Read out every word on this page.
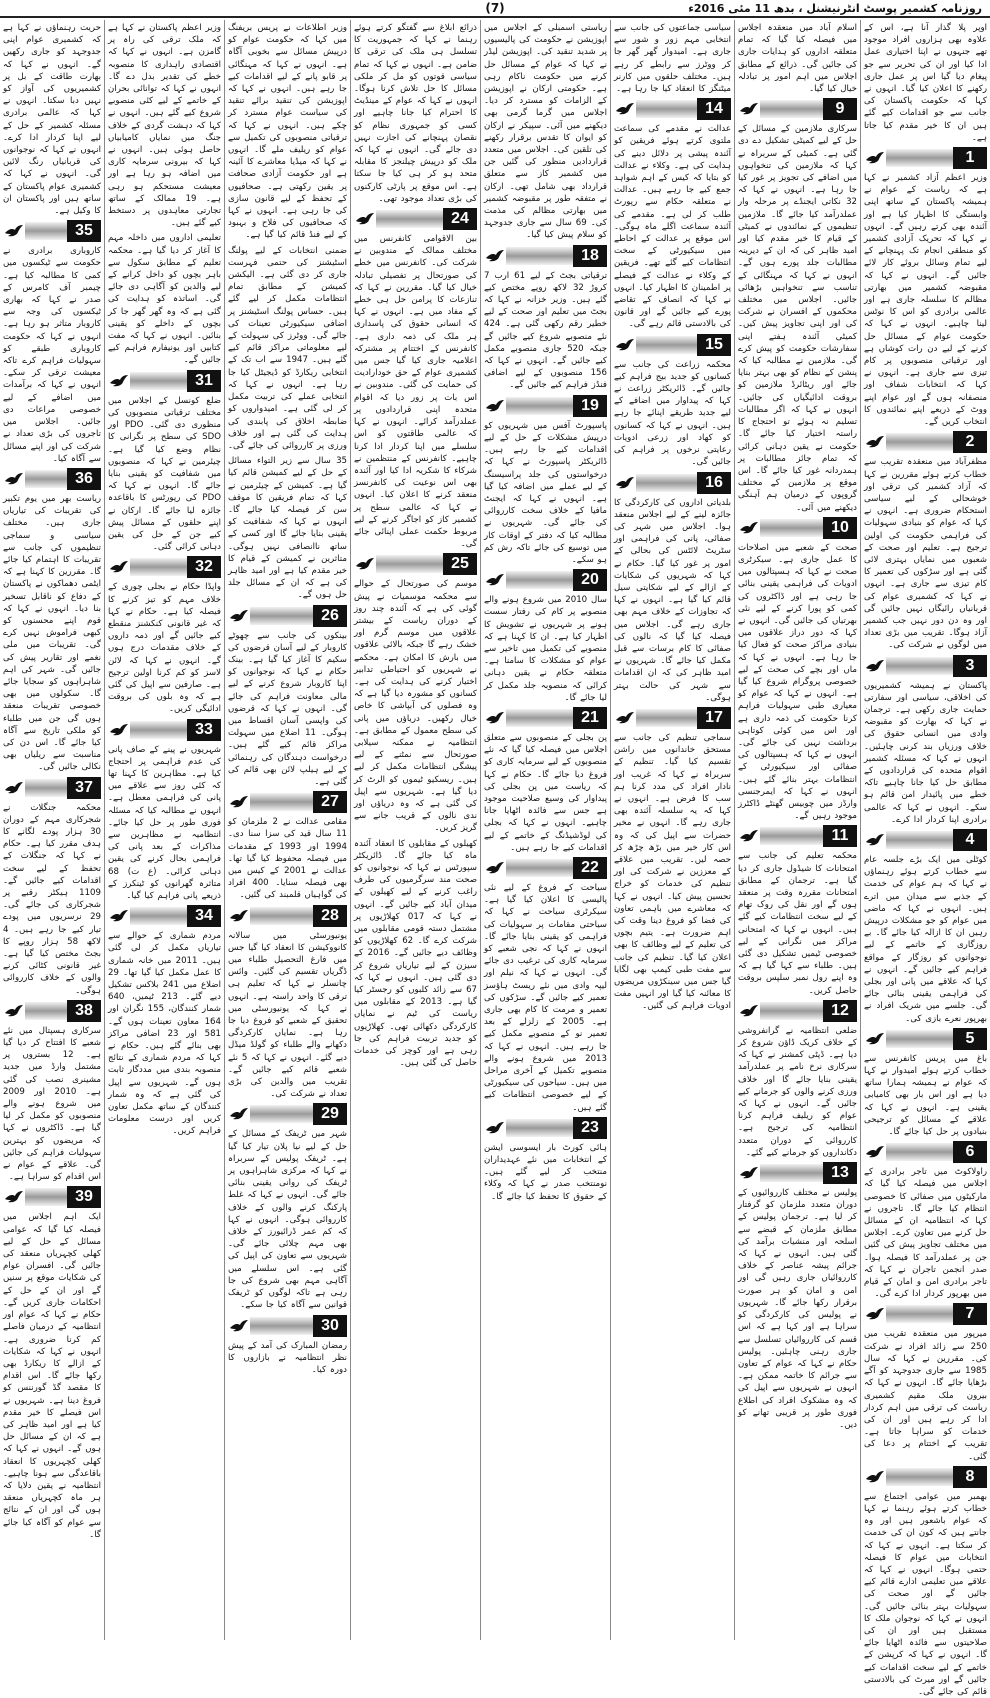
(7)	روزنامہ کشمیر پوسٹ انٹرنیشنل ، بدھ 11 مئی 2016ء
اوپر پلا گذار آنا ہے، اس کے علاوہ بھی ہزاروں افراد موجود تھے جنہوں نے اپنا اختیاری عمل ادا کیا اور ان کی تحریر سے جو پیغام دیا گیا اس پر عمل جاری رکھنے کا اعلان کیا گیا۔ انہوں نے کہا کہ حکومت پاکستان کی جانب سے جو اقدامات کیے گئے ہیں ان کا خیر مقدم کیا جاتا ہے۔
1
وزیر اعظم آزاد کشمیر نے کہا ہے کہ ریاست کے عوام نے ہمیشہ پاکستان کے ساتھ اپنی وابستگی کا اظہار کیا ہے اور آئندہ بھی کرتے رہیں گے۔ انہوں نے کہا کہ تحریک آزادی کشمیر کو منطقی انجام تک پہنچانے کے لیے تمام وسائل بروئے کار لائے جائیں گے۔ انہوں نے کہا کہ مقبوضہ کشمیر میں بھارتی مظالم کا سلسلہ جاری ہے اور عالمی برادری کو اس کا نوٹس لینا چاہیے۔ انہوں نے کہا کہ حکومت عوام کے مسائل حل کرنے کے لیے دن رات کوشاں ہے اور ترقیاتی منصوبوں پر کام تیزی سے جاری ہے۔ انہوں نے کہا کہ انتخابات شفاف اور منصفانہ ہوں گے اور عوام اپنے ووٹ کے ذریعے اپنے نمائندوں کا انتخاب کریں گے۔
2
مظفرآباد میں منعقدہ تقریب سے خطاب کرتے ہوئے مقررین نے کہا کہ آزاد کشمیر کی ترقی اور خوشحالی کے لیے سیاسی استحکام ضروری ہے۔ انہوں نے کہا کہ عوام کو بنیادی سہولیات کی فراہمی حکومت کی اولین ترجیح ہے۔ تعلیم اور صحت کے شعبوں میں نمایاں بہتری لائی گئی ہے اور سڑکوں کی تعمیر کا کام تیزی سے جاری ہے۔ انہوں نے کہا کہ کشمیری عوام کی قربانیاں رائیگاں نہیں جائیں گی اور وہ دن دور نہیں جب کشمیر آزاد ہوگا۔ تقریب میں بڑی تعداد میں لوگوں نے شرکت کی۔
3
پاکستان نے ہمیشہ کشمیریوں کی اخلاقی، سیاسی اور سفارتی حمایت جاری رکھی ہے۔ ترجمان نے کہا کہ بھارت کو مقبوضہ وادی میں انسانی حقوق کی خلاف ورزیاں بند کرنی چاہئیں۔ انہوں نے کہا کہ مسئلہ کشمیر اقوام متحدہ کی قراردادوں کے مطابق حل کیا جانا چاہیے تاکہ خطے میں پائیدار امن قائم ہو سکے۔ انہوں نے کہا کہ عالمی برادری اپنا کردار ادا کرے۔
4
کوٹلی میں ایک بڑے جلسہ عام سے خطاب کرتے ہوئے رہنماؤں نے کہا کہ ہم عوام کی خدمت کے جذبے سے میدان میں اترے ہیں۔ انہوں نے کہا کہ ماضی میں عوام کو جو مشکلات درپیش رہیں ان کا ازالہ کیا جائے گا۔ بے روزگاری کے خاتمے کے لیے نوجوانوں کو روزگار کے مواقع فراہم کیے جائیں گے۔ انہوں نے کہا کہ علاقے میں پانی اور بجلی کی فراہمی یقینی بنائی جائے گی۔ جلسے میں شریک افراد نے بھرپور نعرے بازی کی۔
5
باغ میں پریس کانفرنس سے خطاب کرتے ہوئے امیدوار نے کہا کہ عوام نے ہمیشہ ہمارا ساتھ دیا ہے اور اس بار بھی کامیابی یقینی ہے۔ انہوں نے کہا کہ علاقے کے مسائل کو ترجیحی بنیادوں پر حل کیا جائے گا۔
6
راولاکوٹ میں تاجر برادری کے اجلاس میں فیصلہ کیا گیا کہ مارکیٹوں میں صفائی کا خصوصی انتظام کیا جائے گا۔ تاجروں نے کہا کہ انتظامیہ ان کے مسائل حل کرنے میں تعاون کرے۔ اجلاس میں مختلف تجاویز پیش کی گئیں جن پر عملدرآمد کا فیصلہ ہوا۔ صدر انجمن تاجران نے کہا کہ تاجر برادری امن و امان کے قیام میں بھرپور کردار ادا کرے گی۔
7
میرپور میں منعقدہ تقریب میں 250 سے زائد افراد نے شرکت کی۔ مقررین نے کہا کہ سال 1985 سے جاری جدوجہد کو آگے بڑھایا جائے گا۔ انہوں نے کہا کہ بیرون ملک مقیم کشمیری ریاست کی ترقی میں اہم کردار ادا کر رہے ہیں اور ان کی خدمات کو سراہا جاتا ہے۔ تقریب کے اختتام پر دعا کی گئی۔
8
بھمبر میں عوامی اجتماع سے خطاب کرتے ہوئے رہنما نے کہا کہ عوام باشعور ہیں اور وہ جانتے ہیں کہ کون ان کی خدمت کر سکتا ہے۔ انہوں نے کہا کہ انتخابات میں عوام کا فیصلہ حتمی ہوگا۔ انہوں نے کہا کہ علاقے میں تعلیمی ادارے قائم کیے جائیں گے اور صحت کی سہولیات بہتر بنائی جائیں گی۔ انہوں نے کہا کہ نوجوان ملک کا مستقبل ہیں اور ان کی صلاحیتوں سے فائدہ اٹھایا جائے گا۔ انہوں نے کہا کہ کرپشن کے خاتمے کے لیے سخت اقدامات کیے جائیں گے اور میرٹ کی بالادستی قائم کی جائے گی۔
اسلام آباد میں منعقدہ اجلاس میں فیصلہ کیا گیا کہ تمام متعلقہ اداروں کو ہدایات جاری کی جائیں گی۔ ذرائع کے مطابق اجلاس میں اہم امور پر تبادلہ خیال کیا گیا۔
9
سرکاری ملازمین کے مسائل کے حل کے لیے کمیٹی تشکیل دے دی گئی ہے۔ کمیٹی کے سربراہ نے کہا کہ ملازمین کی تنخواہوں میں اضافے کی تجویز پر غور کیا جا رہا ہے۔ انہوں نے کہا کہ 32 نکاتی ایجنڈے پر مرحلہ وار عملدرآمد کیا جائے گا۔ ملازمین تنظیموں کے نمائندوں نے کمیٹی کے قیام کا خیر مقدم کیا اور امید ظاہر کی کہ ان کے دیرینہ مطالبات جلد پورے ہوں گے۔ انہوں نے کہا کہ مہنگائی کے تناسب سے تنخواہیں بڑھائی جائیں۔ اجلاس میں مختلف محکموں کے افسران نے شرکت کی اور اپنی تجاویز پیش کیں۔ کمیٹی آئندہ ہفتے اپنی سفارشات حکومت کو پیش کرے گی۔ ملازمین نے مطالبہ کیا کہ پنشن کے نظام کو بھی بہتر بنایا جائے اور ریٹائرڈ ملازمین کو بروقت ادائیگیاں کی جائیں۔ انہوں نے کہا کہ اگر مطالبات تسلیم نہ ہوئے تو احتجاج کا راستہ اختیار کیا جائے گا۔ حکومت نے یقین دہانی کرائی کہ تمام جائز مطالبات پر ہمدردانہ غور کیا جائے گا۔ اس موقع پر ملازمین کے مختلف گروپوں کے درمیان ہم آہنگی دیکھنے میں آئی۔
10
صحت کے شعبے میں اصلاحات کا عمل جاری ہے۔ سیکرٹری صحت نے کہا کہ ہسپتالوں میں ادویات کی فراہمی یقینی بنائی جا رہی ہے اور ڈاکٹروں کی کمی کو پورا کرنے کے لیے نئی بھرتیاں کی جائیں گی۔ انہوں نے کہا کہ دور دراز علاقوں میں بنیادی مراکز صحت کو فعال کیا جا رہا ہے۔ انہوں نے کہا کہ ماں اور بچے کی صحت کے لیے خصوصی پروگرام شروع کیا گیا ہے۔ انہوں نے کہا کہ عوام کو معیاری طبی سہولیات فراہم کرنا حکومت کی ذمہ داری ہے اور اس میں کوئی کوتاہی برداشت نہیں کی جائے گی۔ انہوں نے کہا کہ ہسپتالوں کی صفائی اور سیکیورٹی کے انتظامات بہتر بنائے گئے ہیں۔ انہوں نے کہا کہ ایمرجنسی وارڈز میں چوبیس گھنٹے ڈاکٹرز موجود رہیں گے۔
11
محکمہ تعلیم کی جانب سے امتحانات کا شیڈول جاری کر دیا گیا ہے۔ ترجمان کے مطابق امتحانات مقررہ وقت پر منعقد ہوں گے اور نقل کی روک تھام کے لیے سخت انتظامات کیے گئے ہیں۔ انہوں نے کہا کہ امتحانی مراکز میں نگرانی کے لیے خصوصی ٹیمیں تشکیل دی گئی ہیں۔ طلباء سے کہا گیا ہے کہ وہ اپنے رول نمبر سلپس بروقت حاصل کریں۔
12
ضلعی انتظامیہ نے گرانفروشی کے خلاف کریک ڈاؤن شروع کر دیا ہے۔ ڈپٹی کمشنر نے کہا کہ سرکاری نرخ نامے پر عملدرآمد یقینی بنایا جائے گا اور خلاف ورزی کرنے والوں کو جرمانے کیے جائیں گے۔ انہوں نے کہا کہ عوام کو ریلیف فراہم کرنا انتظامیہ کی ترجیح ہے۔ کارروائی کے دوران متعدد دکانداروں کو جرمانے کیے گئے۔
13
پولیس نے مختلف کارروائیوں کے دوران متعدد ملزمان کو گرفتار کر لیا ہے۔ ترجمان پولیس کے مطابق ملزمان کے قبضے سے اسلحہ اور منشیات برآمد کی گئی ہیں۔ انہوں نے کہا کہ جرائم پیشہ عناصر کے خلاف کارروائیاں جاری رہیں گی اور امن و امان کو ہر صورت برقرار رکھا جائے گا۔ شہریوں نے پولیس کی کارکردگی کو سراہا ہے اور کہا ہے کہ اس قسم کی کارروائیاں تسلسل سے جاری رہنی چاہئیں۔ پولیس حکام نے کہا کہ عوام کے تعاون سے جرائم کا خاتمہ ممکن ہے۔ انہوں نے شہریوں سے اپیل کی کہ وہ مشکوک افراد کی اطلاع فوری طور پر قریبی تھانے کو دیں۔
سیاسی جماعتوں کی جانب سے انتخابی مہم زور و شور سے جاری ہے۔ امیدوار گھر گھر جا کر ووٹرز سے رابطے کر رہے ہیں۔ مختلف حلقوں میں کارنر میٹنگز کا انعقاد کیا جا رہا ہے۔
14
عدالت نے مقدمے کی سماعت ملتوی کرتے ہوئے فریقین کو آئندہ پیشی پر دلائل دینے کی ہدایت کی ہے۔ وکلاء نے عدالت کو بتایا کہ کیس کے اہم شواہد جمع کیے جا رہے ہیں۔ عدالت نے متعلقہ حکام سے رپورٹ طلب کر لی ہے۔ مقدمے کی آئندہ سماعت اگلے ماہ ہوگی۔ اس موقع پر عدالت کے احاطے میں سیکیورٹی کے سخت انتظامات کیے گئے تھے۔ فریقین کے وکلاء نے عدالت کے فیصلے پر اطمینان کا اظہار کیا۔ انہوں نے کہا کہ انصاف کے تقاضے پورے کیے جائیں گے اور قانون کی بالادستی قائم رہے گی۔
15
محکمہ زراعت کی جانب سے کسانوں کو جدید بیج فراہم کیے جائیں گے۔ ڈائریکٹر زراعت نے کہا کہ پیداوار میں اضافے کے لیے جدید طریقے اپنائے جا رہے ہیں۔ انہوں نے کہا کہ کسانوں کو کھاد اور زرعی ادویات رعایتی نرخوں پر فراہم کی جائیں گی۔
16
بلدیاتی اداروں کی کارکردگی کا جائزہ لینے کے لیے اجلاس منعقد ہوا۔ اجلاس میں شہر کی صفائی، پانی کی فراہمی اور سٹریٹ لائٹس کی بحالی کے امور پر غور کیا گیا۔ حکام نے کہا کہ شہریوں کی شکایات کے ازالے کے لیے شکایتی سیل قائم کیا گیا ہے۔ انہوں نے کہا کہ تجاوزات کے خلاف مہم بھی جاری رہے گی۔ اجلاس میں فیصلہ کیا گیا کہ نالوں کی صفائی کا کام برسات سے قبل مکمل کیا جائے گا۔ شہریوں نے امید ظاہر کی کہ ان اقدامات سے شہر کی حالت بہتر ہوگی۔
17
سماجی تنظیم کی جانب سے مستحق خاندانوں میں راشن تقسیم کیا گیا۔ تنظیم کے سربراہ نے کہا کہ غریب اور نادار افراد کی مدد کرنا ہم سب کا فرض ہے۔ انہوں نے کہا کہ یہ سلسلہ آئندہ بھی جاری رہے گا۔ انہوں نے مخیر حضرات سے اپیل کی کہ وہ اس کار خیر میں بڑھ چڑھ کر حصہ لیں۔ تقریب میں علاقے کے معززین نے شرکت کی اور تنظیم کی خدمات کو خراج تحسین پیش کیا۔ انہوں نے کہا کہ معاشرے میں باہمی تعاون کی فضا کو فروغ دینا وقت کی اہم ضرورت ہے۔ یتیم بچوں کی تعلیم کے لیے وظائف کا بھی اعلان کیا گیا۔ تنظیم کی جانب سے مفت طبی کیمپ بھی لگایا گیا جس میں سینکڑوں مریضوں کا معائنہ کیا گیا اور انہیں مفت ادویات فراہم کی گئیں۔
ریاستی اسمبلی کے اجلاس میں اپوزیشن نے حکومت کی پالیسیوں پر شدید تنقید کی۔ اپوزیشن لیڈر نے کہا کہ عوام کے مسائل حل کرنے میں حکومت ناکام رہی ہے۔ حکومتی ارکان نے اپوزیشن کے الزامات کو مسترد کر دیا۔ اجلاس میں گرما گرمی بھی دیکھنے میں آئی۔ سپیکر نے ارکان کو ایوان کا تقدس برقرار رکھنے کی تلقین کی۔ اجلاس میں متعدد قراردادیں منظور کی گئیں جن میں کشمیر کاز سے متعلق قرارداد بھی شامل تھی۔ ارکان نے متفقہ طور پر مقبوضہ کشمیر میں بھارتی مظالم کی مذمت کی۔ 69 سال سے جاری جدوجہد کو سلام پیش کیا گیا۔
18
ترقیاتی بجٹ کے لیے 61 ارب 7 کروڑ 32 لاکھ روپے مختص کیے گئے ہیں۔ وزیر خزانہ نے کہا کہ بجٹ میں تعلیم اور صحت کے لیے خطیر رقم رکھی گئی ہے۔ 424 نئے منصوبے شروع کیے جائیں گے جبکہ 520 جاری منصوبے مکمل کیے جائیں گے۔ انہوں نے کہا کہ 156 منصوبوں کے لیے اضافی فنڈز فراہم کیے جائیں گے۔
19
پاسپورٹ آفس میں شہریوں کو درپیش مشکلات کے حل کے لیے اقدامات کیے جا رہے ہیں۔ ڈائریکٹر پاسپورٹ نے کہا کہ درخواستوں کی جلد پراسیسنگ کے لیے عملے میں اضافہ کیا گیا ہے۔ انہوں نے کہا کہ ایجنٹ مافیا کے خلاف سخت کارروائی کی جائے گی۔ شہریوں نے مطالبہ کیا کہ دفتر کے اوقات کار میں توسیع کی جائے تاکہ رش کم ہو سکے۔
20
سال 2010 میں شروع ہونے والے منصوبے پر کام کی رفتار سست ہونے پر شہریوں نے تشویش کا اظہار کیا ہے۔ ان کا کہنا ہے کہ منصوبے کی تکمیل میں تاخیر سے عوام کو مشکلات کا سامنا ہے۔ متعلقہ حکام نے یقین دہانی کرائی کہ منصوبہ جلد مکمل کر لیا جائے گا۔
21
پن بجلی کے منصوبوں سے متعلق اجلاس میں فیصلہ کیا گیا کہ نئے منصوبوں کے لیے سرمایہ کاری کو فروغ دیا جائے گا۔ حکام نے کہا کہ ریاست میں پن بجلی کی پیداوار کی وسیع صلاحیت موجود ہے جس سے فائدہ اٹھایا جانا چاہیے۔ انہوں نے کہا کہ بجلی کی لوڈشیڈنگ کے خاتمے کے لیے اقدامات کیے جا رہے ہیں۔
22
سیاحت کے فروغ کے لیے نئی پالیسی کا اعلان کیا گیا ہے۔ سیکرٹری سیاحت نے کہا کہ سیاحتی مقامات پر سہولیات کی فراہمی کو یقینی بنایا جائے گا۔ انہوں نے کہا کہ نجی شعبے کو سرمایہ کاری کی ترغیب دی جائے گی۔ انہوں نے کہا کہ نیلم اور لیپہ وادی میں نئے ریسٹ ہاؤسز تعمیر کیے جائیں گے۔ سڑکوں کی تعمیر و مرمت کا کام بھی جاری ہے۔ 2005 کے زلزلے کے بعد تعمیر نو کے منصوبے مکمل کیے جا رہے ہیں۔ انہوں نے کہا کہ 2013 میں شروع ہونے والے منصوبے تکمیل کے آخری مراحل میں ہیں۔ سیاحوں کی سیکیورٹی کے لیے خصوصی انتظامات کیے گئے ہیں۔
23
ہائی کورٹ بار ایسوسی ایشن کے انتخابات میں نئے عہدیداران منتخب کر لیے گئے ہیں۔ نومنتخب صدر نے کہا کہ وکلاء کے حقوق کا تحفظ کیا جائے گا۔
ذرائع ابلاغ سے گفتگو کرتے ہوئے رہنما نے کہا کہ جمہوریت کا تسلسل ہی ملک کی ترقی کا ضامن ہے۔ انہوں نے کہا کہ تمام سیاسی قوتوں کو مل کر ملکی مسائل کا حل تلاش کرنا ہوگا۔ انہوں نے کہا کہ عوام کے مینڈیٹ کا احترام کیا جانا چاہیے اور کسی کو جمہوری نظام کو نقصان پہنچانے کی اجازت نہیں دی جائے گی۔ انہوں نے کہا کہ ملک کو درپیش چیلنجز کا مقابلہ متحد ہو کر ہی کیا جا سکتا ہے۔ اس موقع پر پارٹی کارکنوں کی بڑی تعداد موجود تھی۔
24
بین الاقوامی کانفرنس میں مختلف ممالک کے مندوبین نے شرکت کی۔ کانفرنس میں خطے کی صورتحال پر تفصیلی تبادلہ خیال کیا گیا۔ مقررین نے کہا کہ تنازعات کا پرامن حل ہی خطے کے مفاد میں ہے۔ انہوں نے کہا کہ انسانی حقوق کی پاسداری ہر ملک کی ذمہ داری ہے۔ کانفرنس کے اختتام پر مشترکہ اعلامیہ جاری کیا گیا جس میں کشمیری عوام کے حق خودارادیت کی حمایت کی گئی۔ مندوبین نے اس بات پر زور دیا کہ اقوام متحدہ اپنی قراردادوں پر عملدرآمد کرائے۔ انہوں نے کہا کہ عالمی طاقتوں کو اس سلسلے میں اپنا کردار ادا کرنا چاہیے۔ کانفرنس کے منتظمین نے شرکاء کا شکریہ ادا کیا اور آئندہ بھی اس نوعیت کی کانفرنسز منعقد کرنے کا اعلان کیا۔ انہوں نے کہا کہ عالمی سطح پر کشمیر کاز کو اجاگر کرنے کے لیے مربوط حکمت عملی اپنائی جائے گی۔
25
موسم کی صورتحال کے حوالے سے محکمہ موسمیات نے پیش گوئی کی ہے کہ آئندہ چند روز کے دوران ریاست کے بیشتر علاقوں میں موسم گرم اور خشک رہے گا جبکہ بالائی علاقوں میں بارش کا امکان ہے۔ محکمے نے شہریوں کو احتیاطی تدابیر اختیار کرنے کی ہدایت کی ہے۔ کسانوں کو مشورہ دیا گیا ہے کہ وہ فصلوں کی آبپاشی کا خاص خیال رکھیں۔ دریاؤں میں پانی کی سطح معمول کے مطابق ہے۔ انتظامیہ نے ممکنہ سیلابی صورتحال سے نمٹنے کے لیے پیشگی انتظامات مکمل کر لیے ہیں۔ ریسکیو ٹیموں کو الرٹ کر دیا گیا ہے۔ شہریوں سے اپیل کی گئی ہے کہ وہ دریاؤں اور ندی نالوں کے قریب جانے سے گریز کریں۔
کھیلوں کے مقابلوں کا انعقاد آئندہ ماہ کیا جائے گا۔ ڈائریکٹر سپورٹس نے کہا کہ نوجوانوں کو صحت مند سرگرمیوں کی طرف راغب کرنے کے لیے کھیلوں کے میدان آباد کیے جائیں گے۔ انہوں نے کہا کہ 017 کھلاڑیوں پر مشتمل دستہ قومی مقابلوں میں شرکت کرے گا۔ 62 کھلاڑیوں کو وظائف دیے جائیں گے۔ 2016 کے سیزن کے لیے تیاریاں شروع کر دی گئی ہیں۔ انہوں نے کہا کہ 67 سے زائد کلبوں کو رجسٹر کیا گیا ہے۔ 2013 کے مقابلوں میں ریاست کی ٹیم نے نمایاں کارکردگی دکھائی تھی۔ کھلاڑیوں کو جدید تربیت فراہم کی جا رہی ہے اور کوچز کی خدمات حاصل کی گئی ہیں۔
وزیر اطلاعات نے پریس بریفنگ میں کہا کہ حکومت عوام کو درپیش مسائل سے بخوبی آگاہ ہے۔ انہوں نے کہا کہ مہنگائی پر قابو پانے کے لیے اقدامات کیے جا رہے ہیں۔ انہوں نے کہا کہ اپوزیشن کی تنقید برائے تنقید کی سیاست عوام مسترد کر چکے ہیں۔ انہوں نے کہا کہ ترقیاتی منصوبوں کی تکمیل سے عوام کو ریلیف ملے گا۔ انہوں نے کہا کہ میڈیا معاشرے کا آئینہ ہے اور حکومت آزادی صحافت پر یقین رکھتی ہے۔ صحافیوں کے تحفظ کے لیے قانون سازی کی جا رہی ہے۔ انہوں نے کہا کہ صحافیوں کی فلاح و بہبود کے لیے فنڈ قائم کیا گیا ہے۔
ضمنی انتخابات کے لیے پولنگ اسٹیشنز کی حتمی فہرست جاری کر دی گئی ہے۔ الیکشن کمیشن کے مطابق تمام انتظامات مکمل کر لیے گئے ہیں۔ حساس پولنگ اسٹیشنز پر اضافی سیکیورٹی تعینات کی جائے گی۔ ووٹرز کی سہولت کے لیے معلوماتی مراکز قائم کیے گئے ہیں۔ 1947 سے اب تک کے انتخابی ریکارڈ کو ڈیجیٹل کیا جا رہا ہے۔ انہوں نے کہا کہ انتخابی عملے کی تربیت مکمل کر لی گئی ہے۔ امیدواروں کو ضابطہ اخلاق کی پابندی کی ہدایت کی گئی ہے اور خلاف ورزی پر کارروائی کی جائے گی۔
35 سال سے زیر التواء مسائل کے حل کے لیے کمیشن قائم کیا گیا ہے۔ کمیشن کے چیئرمین نے کہا کہ تمام فریقین کا موقف سن کر فیصلہ کیا جائے گا۔ انہوں نے کہا کہ شفافیت کو یقینی بنایا جائے گا اور کسی کے ساتھ ناانصافی نہیں ہوگی۔ متاثرین نے کمیشن کے قیام کا خیر مقدم کیا ہے اور امید ظاہر کی ہے کہ ان کے مسائل جلد حل ہوں گے۔
26
بینکوں کی جانب سے چھوٹے کاروبار کے لیے آسان قرضوں کی سکیم کا آغاز کیا گیا ہے۔ بینک حکام نے کہا کہ نوجوانوں کو اپنا کاروبار شروع کرنے کے لیے مالی معاونت فراہم کی جائے گی۔ انہوں نے کہا کہ قرضوں کی واپسی آسان اقساط میں ہوگی۔ 11 اضلاع میں سہولت مراکز قائم کیے گئے ہیں۔ درخواست دہندگان کی رہنمائی کے لیے ہیلپ لائن بھی قائم کی گئی ہے۔
27
مقامی عدالت نے 2 ملزمان کو 11 سال قید کی سزا سنا دی۔ 1994 اور 1993 کے مقدمات میں فیصلہ محفوظ کیا گیا تھا۔ عدالت نے 2001 کے کیس میں بھی فیصلہ سنایا۔ 400 افراد کی گواہیاں قلمبند کی گئیں۔
28
یونیورسٹی میں سالانہ کانووکیشن کا انعقاد کیا گیا جس میں فارغ التحصیل طلباء میں ڈگریاں تقسیم کی گئیں۔ وائس چانسلر نے کہا کہ تعلیم ہی ترقی کا واحد راستہ ہے۔ انہوں نے کہا کہ یونیورسٹی میں تحقیق کے شعبے کو فروغ دیا جا رہا ہے۔ نمایاں کارکردگی دکھانے والے طلباء کو گولڈ میڈل دیے گئے۔ انہوں نے کہا کہ 5 نئے شعبے قائم کیے جائیں گے۔ تقریب میں والدین کی بڑی تعداد نے شرکت کی۔
29
شہر میں ٹریفک کے مسائل کے حل کے لیے نیا پلان تیار کیا گیا ہے۔ ٹریفک پولیس کے سربراہ نے کہا کہ مرکزی شاہراہوں پر ٹریفک کی روانی یقینی بنائی جائے گی۔ انہوں نے کہا کہ غلط پارکنگ کرنے والوں کے خلاف کارروائی ہوگی۔ انہوں نے کہا کہ کم عمر ڈرائیورز کے خلاف بھی مہم چلائی جائے گی۔ شہریوں سے تعاون کی اپیل کی گئی ہے۔ اس سلسلے میں آگاہی مہم بھی شروع کی جا رہی ہے تاکہ لوگوں کو ٹریفک قوانین سے آگاہ کیا جا سکے۔
30
رمضان المبارک کی آمد کے پیش نظر انتظامیہ نے بازاروں کا دورہ کیا۔
وزیر اعظم پاکستان نے کہا ہے کہ ملک ترقی کی راہ پر گامزن ہے۔ انہوں نے کہا کہ اقتصادی راہداری کا منصوبہ خطے کی تقدیر بدل دے گا۔ انہوں نے کہا کہ توانائی بحران کے خاتمے کے لیے کئی منصوبے شروع کیے گئے ہیں۔ انہوں نے کہا کہ دہشت گردی کے خلاف جنگ میں نمایاں کامیابیاں حاصل ہوئی ہیں۔ انہوں نے کہا کہ بیرونی سرمایہ کاری میں اضافہ ہو رہا ہے اور معیشت مستحکم ہو رہی ہے۔ 19 ممالک کے ساتھ تجارتی معاہدوں پر دستخط کیے گئے ہیں۔
تعلیمی اداروں میں داخلہ مہم کا آغاز کر دیا گیا ہے۔ محکمہ تعلیم کے مطابق سکول سے باہر بچوں کو داخل کرانے کے لیے والدین کو آگاہی دی جائے گی۔ اساتذہ کو ہدایت کی گئی ہے کہ وہ گھر گھر جا کر بچوں کے داخلے کو یقینی بنائیں۔ انہوں نے کہا کہ مفت کتابیں اور یونیفارم فراہم کیے جائیں گے۔
31
ضلع کونسل کے اجلاس میں مختلف ترقیاتی منصوبوں کی منظوری دی گئی۔ PDO اور SDO کی سطح پر نگرانی کا نظام وضع کیا گیا ہے۔ چیئرمین نے کہا کہ منصوبوں میں شفافیت کو یقینی بنایا جائے گا۔ انہوں نے کہا کہ PDO کی رپورٹس کا باقاعدہ جائزہ لیا جائے گا۔ ارکان نے اپنے حلقوں کے مسائل پیش کیے جن کے حل کی یقین دہانی کرائی گئی۔
32
واپڈا حکام نے بجلی چوری کے خلاف مہم کو تیز کرنے کا فیصلہ کیا ہے۔ حکام نے کہا کہ غیر قانونی کنکشنز منقطع کیے جائیں گے اور ذمہ داروں کے خلاف مقدمات درج ہوں گے۔ انہوں نے کہا کہ لائن لاسز کو کم کرنا اولین ترجیح ہے۔ صارفین سے اپیل کی گئی ہے کہ وہ بلوں کی بروقت ادائیگی کریں۔
33
شہریوں نے پینے کے صاف پانی کی عدم فراہمی پر احتجاج کیا ہے۔ مظاہرین کا کہنا تھا کہ کئی روز سے علاقے میں پانی کی فراہمی معطل ہے۔ انہوں نے مطالبہ کیا کہ مسئلہ فوری طور پر حل کیا جائے۔ انتظامیہ نے مظاہرین سے مذاکرات کے بعد پانی کی فراہمی بحال کرنے کی یقین دہانی کرائی۔ (ع ت) 68 متاثرہ گھرانوں کو ٹینکرز کے ذریعے پانی فراہم کیا گیا۔
34
مردم شماری کے حوالے سے تیاریاں مکمل کر لی گئی ہیں۔ 2011 میں خانہ شماری کا عمل مکمل کیا گیا تھا۔ 29 اضلاع میں 241 بلاکس تشکیل دیے گئے۔ 213 ٹیمیں، 640 شمار کنندگان، 155 نگران اور 164 معاون تعینات ہوں گے۔ 581 اور 23 اضافی مراکز بھی بنائے گئے ہیں۔ حکام نے کہا کہ مردم شماری کے نتائج منصوبہ بندی میں مددگار ثابت ہوں گے۔ شہریوں سے اپیل کی گئی ہے کہ وہ شمار کنندگان کے ساتھ مکمل تعاون کریں اور درست معلومات فراہم کریں۔
حریت رہنماؤں نے کہا ہے کہ کشمیری عوام اپنی جدوجہد کو جاری رکھیں گے۔ انہوں نے کہا کہ بھارت طاقت کے بل پر کشمیریوں کی آواز کو نہیں دبا سکتا۔ انہوں نے کہا کہ عالمی برادری مسئلہ کشمیر کے حل کے لیے اپنا کردار ادا کرے۔ انہوں نے کہا کہ نوجوانوں کی قربانیاں رنگ لائیں گی۔ انہوں نے کہا کہ کشمیری عوام پاکستان کے ساتھ ہیں اور پاکستان ان کا وکیل ہے۔
35
کاروباری برادری نے حکومت سے ٹیکسوں میں کمی کا مطالبہ کیا ہے۔ چیمبر آف کامرس کے صدر نے کہا کہ بھاری ٹیکسوں کی وجہ سے کاروبار متاثر ہو رہا ہے۔ انہوں نے کہا کہ حکومت کاروباری طبقے کو سہولیات فراہم کرے تاکہ معیشت ترقی کر سکے۔ انہوں نے کہا کہ برآمدات میں اضافے کے لیے خصوصی مراعات دی جائیں۔ اجلاس میں تاجروں کی بڑی تعداد نے شرکت کی اور اپنے مسائل سے آگاہ کیا۔
36
ریاست بھر میں یوم تکبیر کی تقریبات کی تیاریاں جاری ہیں۔ مختلف سیاسی و سماجی تنظیموں کی جانب سے تقریبات کا اہتمام کیا جائے گا۔ مقررین کا کہنا ہے کہ ایٹمی دھماکوں نے پاکستان کے دفاع کو ناقابل تسخیر بنا دیا۔ انہوں نے کہا کہ قوم اپنے محسنوں کو کبھی فراموش نہیں کرے گی۔ تقریبات میں ملی نغمے اور تقاریر پیش کی جائیں گی۔ شہر کی اہم شاہراہوں کو سجایا جائے گا۔ سکولوں میں بھی خصوصی تقریبات منعقد ہوں گی جن میں طلباء کو ملکی تاریخ سے آگاہ کیا جائے گا۔ اس دن کی مناسبت سے ریلیاں بھی نکالی جائیں گی۔
37
محکمہ جنگلات نے شجرکاری مہم کے دوران 30 ہزار پودے لگانے کا ہدف مقرر کیا ہے۔ حکام نے کہا کہ جنگلات کے تحفظ کے لیے سخت اقدامات کیے جائیں گے۔ 1109 ہیکٹر رقبے پر شجرکاری کی جائے گی۔ 29 نرسریوں میں پودے تیار کیے جا رہے ہیں۔ 4 لاکھ 58 ہزار روپے کا بجٹ مختص کیا گیا ہے۔ غیر قانونی کٹائی کرنے والوں کے خلاف کارروائی ہوگی۔
38
سرکاری ہسپتال میں نئے شعبے کا افتتاح کر دیا گیا ہے۔ 12 بستروں پر مشتمل وارڈ میں جدید مشینری نصب کی گئی ہے۔ 2010 اور 2009 میں شروع ہونے والے منصوبوں کو مکمل کر لیا گیا ہے۔ ڈاکٹروں نے کہا کہ مریضوں کو بہترین سہولیات فراہم کی جائیں گی۔ علاقے کے عوام نے اس اقدام کو سراہا ہے۔
39
ایک اہم اجلاس میں فیصلہ کیا گیا کہ عوامی مسائل کے حل کے لیے کھلی کچہریاں منعقد کی جائیں گی۔ افسران عوام کی شکایات موقع پر سنیں گے اور ان کے حل کے احکامات جاری کریں گے۔ حکام نے کہا کہ عوام اور انتظامیہ کے درمیان فاصلے کم کرنا ضروری ہے۔ انہوں نے کہا کہ شکایات کے ازالے کا ریکارڈ بھی رکھا جائے گا۔ اس اقدام کا مقصد گڈ گورننس کو فروغ دینا ہے۔ شہریوں نے اس فیصلے کا خیر مقدم کیا ہے اور امید ظاہر کی ہے کہ ان کے مسائل حل ہوں گے۔ انہوں نے کہا کہ کھلی کچہریوں کا انعقاد باقاعدگی سے ہونا چاہیے۔ انتظامیہ نے یقین دلایا کہ ہر ماہ کچہریاں منعقد ہوں گی اور ان کے نتائج سے عوام کو آگاہ کیا جائے گا۔
